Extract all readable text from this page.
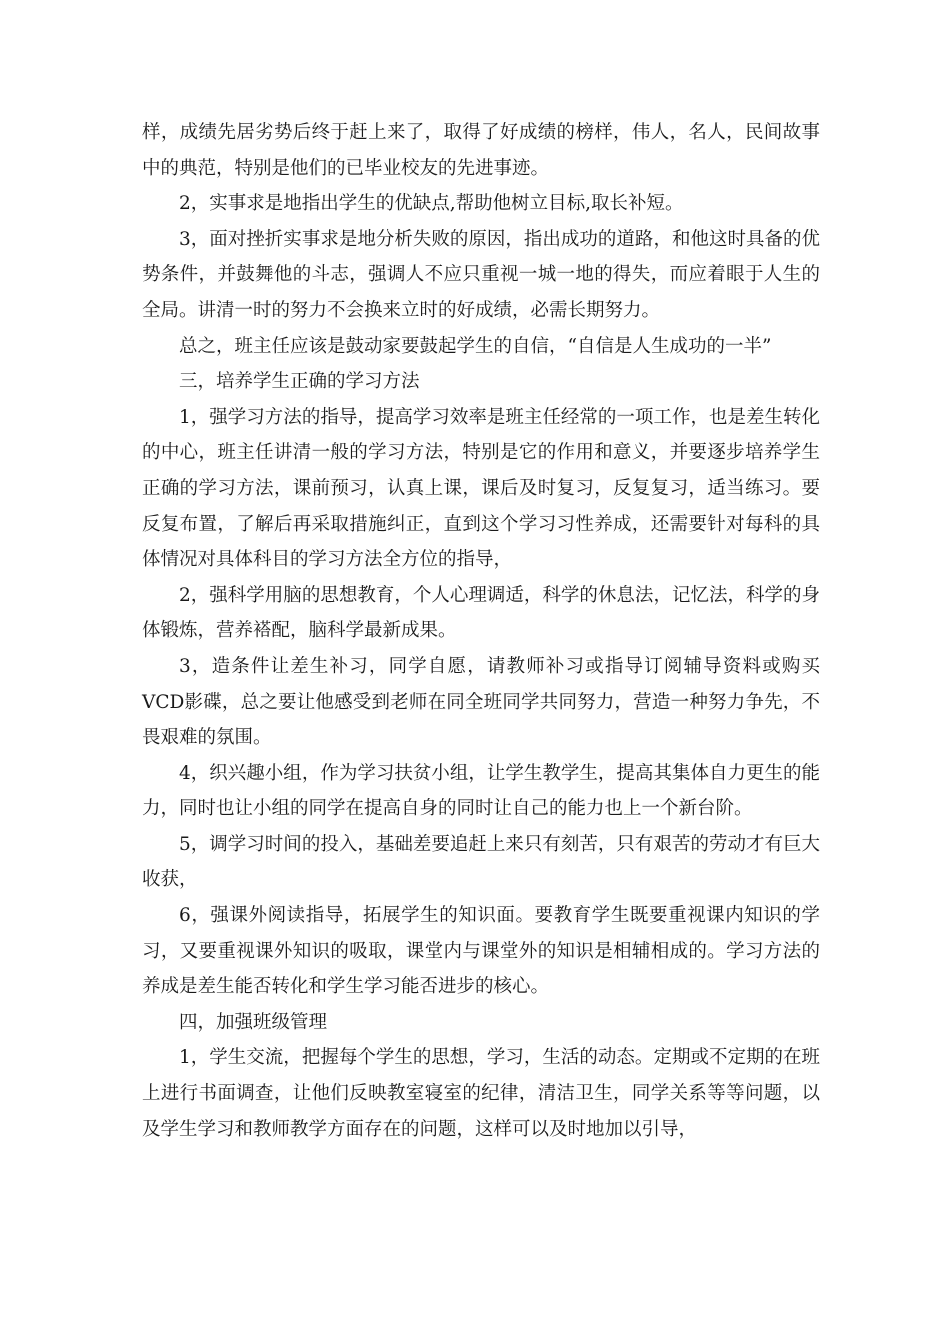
样，成绩先居劣势后终于赶上来了，取得了好成绩的榜样，伟人，名人，民间故事中的典范，特别是他们的已毕业校友的先进事迹。

2，实事求是地指出学生的优缺点,帮助他树立目标,取长补短。

3，面对挫折实事求是地分析失败的原因，指出成功的道路，和他这时具备的优势条件，并鼓舞他的斗志，强调人不应只重视一城一地的得失，而应着眼于人生的全局。讲清一时的努力不会换来立时的好成绩，必需长期努力。

总之，班主任应该是鼓动家要鼓起学生的自信，“自信是人生成功的一半”

三，培养学生正确的学习方法

1，强学习方法的指导，提高学习效率是班主任经常的一项工作，也是差生转化的中心，班主任讲清一般的学习方法，特别是它的作用和意义，并要逐步培养学生正确的学习方法，课前预习，认真上课，课后及时复习，反复复习，适当练习。要反复布置，了解后再采取措施纠正，直到这个学习习性养成，还需要针对每科的具体情况对具体科目的学习方法全方位的指导，

2，强科学用脑的思想教育，个人心理调适，科学的休息法，记忆法，科学的身体锻炼，营养褡配，脑科学最新成果。

3，造条件让差生补习，同学自愿，请教师补习或指导订阅辅导资料或购买VCD影碟，总之要让他感受到老师在同全班同学共同努力，营造一种努力争先，不畏艰难的氛围。

4，织兴趣小组，作为学习扶贫小组，让学生教学生，提高其集体自力更生的能力，同时也让小组的同学在提高自身的同时让自己的能力也上一个新台阶。

5，调学习时间的投入，基础差要追赶上来只有刻苦，只有艰苦的劳动才有巨大收获，

6，强课外阅读指导，拓展学生的知识面。要教育学生既要重视课内知识的学习，又要重视课外知识的吸取，课堂内与课堂外的知识是相辅相成的。学习方法的养成是差生能否转化和学生学习能否进步的核心。

四，加强班级管理

1，学生交流，把握每个学生的思想，学习，生活的动态。定期或不定期的在班上进行书面调查，让他们反映教室寝室的纪律，清洁卫生，同学关系等等问题，以及学生学习和教师教学方面存在的问题，这样可以及时地加以引导，
